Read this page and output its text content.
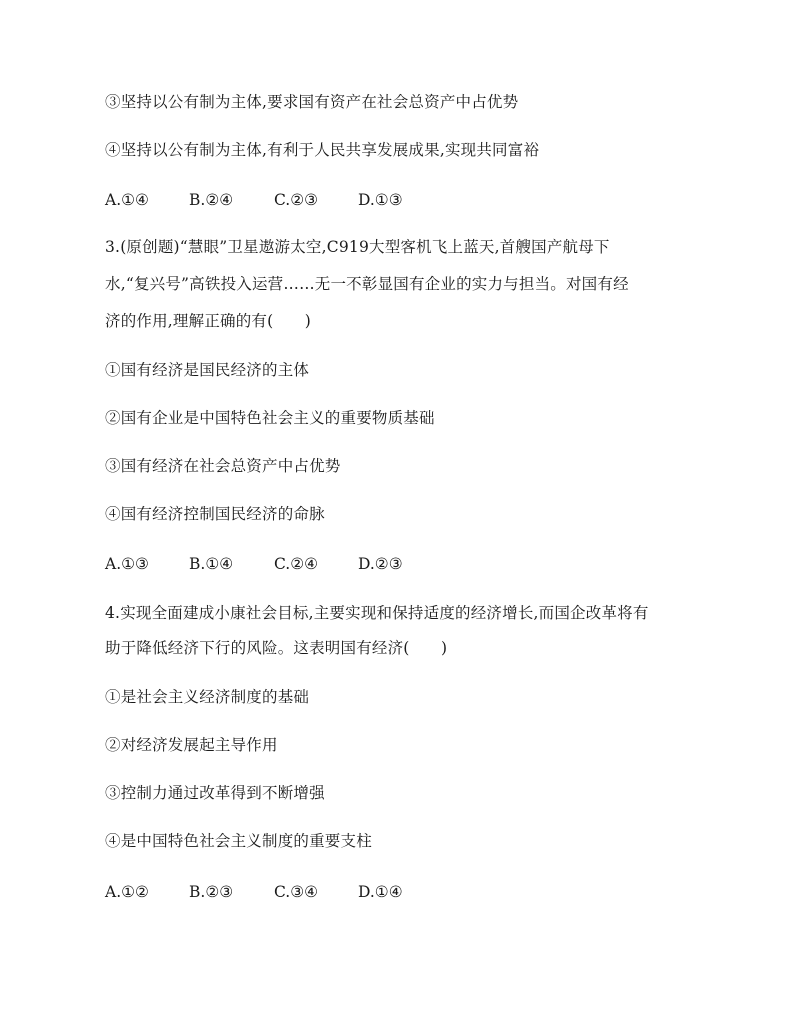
③坚持以公有制为主体,要求国有资产在社会总资产中占优势
④坚持以公有制为主体,有利于人民共享发展成果,实现共同富裕
A.①④	B.②④	C.②③	D.①③
3.(原创题)“慧眼”卫星遨游太空,C919大型客机飞上蓝天,首艘国产航母下
水,“复兴号”高铁投入运营……无一不彰显国有企业的实力与担当。对国有经
济的作用,理解正确的有(　　)
①国有经济是国民经济的主体
②国有企业是中国特色社会主义的重要物质基础
③国有经济在社会总资产中占优势
④国有经济控制国民经济的命脉
A.①③	B.①④	C.②④	D.②③
4.实现全面建成小康社会目标,主要实现和保持适度的经济增长,而国企改革将有
助于降低经济下行的风险。这表明国有经济(　　)
①是社会主义经济制度的基础
②对经济发展起主导作用
③控制力通过改革得到不断增强
④是中国特色社会主义制度的重要支柱
A.①②	B.②③	C.③④	D.①④
